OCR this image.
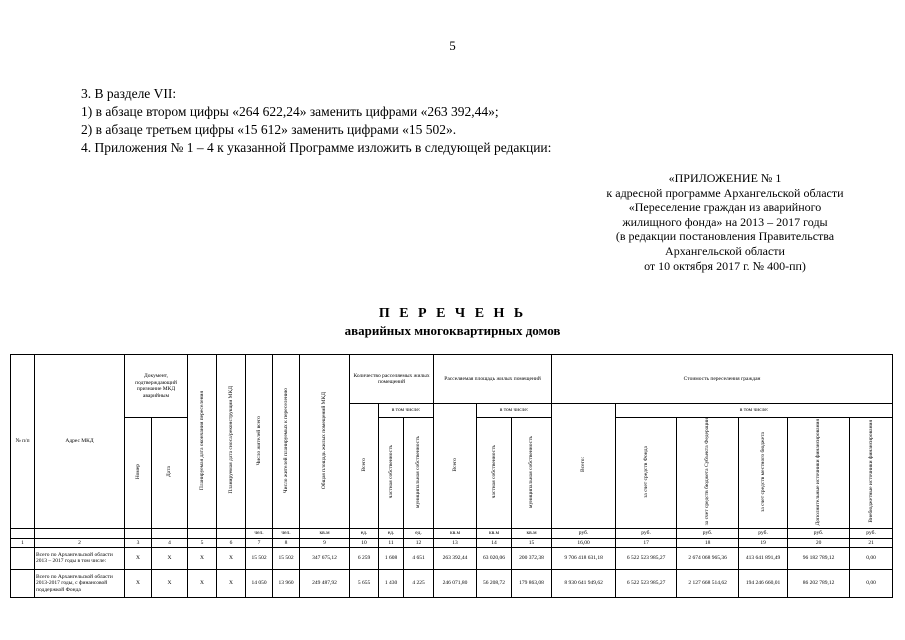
5
3. В разделе VII:
1) в абзаце втором цифры «264 622,24» заменить цифрами «263 392,44»;
2) в абзаце третьем цифры «15 612» заменить цифрами «15 502».
4. Приложения № 1 – 4 к указанной Программе изложить в следующей редакции:
«ПРИЛОЖЕНИЕ № 1
к адресной программе Архангельской области
«Переселение граждан из аварийного
жилищного фонда» на 2013 – 2017 годы
(в редакции постановления Правительства
Архангельской области
от 10 октября 2017 г. № 400-пп)
П Е Р Е Ч Е Н Ь
аварийных многоквартирных домов
№ п/п	Адрес МКД	Документ, подтверждающий признание МКД аварийным		Планируемая дата окончания переселения	Планируемая дата сноса/реконструкции МКД	Число жителей всего	Число жителей планируемых к переселению	Общая площадь жилых помещений МКД	Количество расселяемых жилых помещений			Расселяемая площадь жилых помещений			Стоимость переселения граждан					
									Всего	в том числе:		Всего	в том числе:		Всего:	в том числе:				
		Номер	Дата							частная собственность	муниципальная собственность		частная собственность	муниципальная собственность		за счет средств Фонда	за счет средств бюджета Субъекта Федерации	за счет средств местного бюджета	Дополнительные источники финансирования	Внебюджетные источники финансирования
						чел.	чел.	кв.м	ед.	ед.	ед.	кв.м	кв.м	кв.м	руб.	руб.	руб.	руб.	руб.	руб.
1	2	3	4	5	6	7	8	9	10	11	12	13	14	15	16,00	17	18	19	20	21
	Всего по Архангельской области 2013 – 2017 годы в том числе:	X	X	X	X	15 502	15 502	347 675,12	6 259	1 608	4 651	263 392,44	63 020,06	200 372,38	9 706 418 631,18	6 522 523 985,27	2 674 068 965,36	413 641 891,49	96 182 789,12	0,00
	Всего по Архангельской области 2013-2017 годы, с финансовой поддержкой Фонда	X	X	X	X	14 050	13 960	249 487,92	5 655	1 430	4 225	246 071,80	56 208,72	179 863,08	8 930 641 949,62	6 522 523 985,27	2 127 668 514,62	194 246 660,01	86 202 789,12	0,00
